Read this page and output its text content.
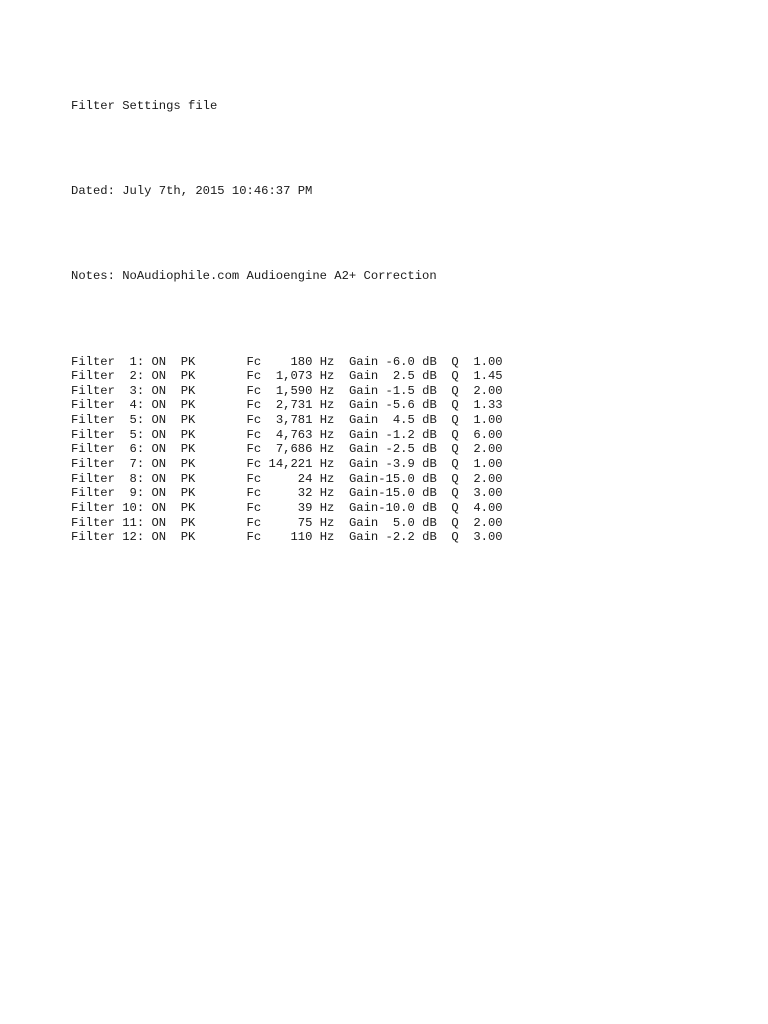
Filter Settings file

Dated: July 7th, 2015 10:46:37 PM

Notes: NoAudiophile.com Audioengine A2+ Correction

Filter  1: ON  PK       Fc    180 Hz  Gain -6.0 dB  Q  1.00
Filter  2: ON  PK       Fc  1,073 Hz  Gain  2.5 dB  Q  1.45
Filter  3: ON  PK       Fc  1,590 Hz  Gain -1.5 dB  Q  2.00
Filter  4: ON  PK       Fc  2,731 Hz  Gain -5.6 dB  Q  1.33
Filter  5: ON  PK       Fc  3,781 Hz  Gain  4.5 dB  Q  1.00
Filter  5: ON  PK       Fc  4,763 Hz  Gain -1.2 dB  Q  6.00
Filter  6: ON  PK       Fc  7,686 Hz  Gain -2.5 dB  Q  2.00
Filter  7: ON  PK       Fc 14,221 Hz  Gain -3.9 dB  Q  1.00
Filter  8: ON  PK       Fc     24 Hz  Gain-15.0 dB  Q  2.00
Filter  9: ON  PK       Fc     32 Hz  Gain-15.0 dB  Q  3.00
Filter 10: ON  PK       Fc     39 Hz  Gain-10.0 dB  Q  4.00
Filter 11: ON  PK       Fc     75 Hz  Gain  5.0 dB  Q  2.00
Filter 12: ON  PK       Fc    110 Hz  Gain -2.2 dB  Q  3.00
